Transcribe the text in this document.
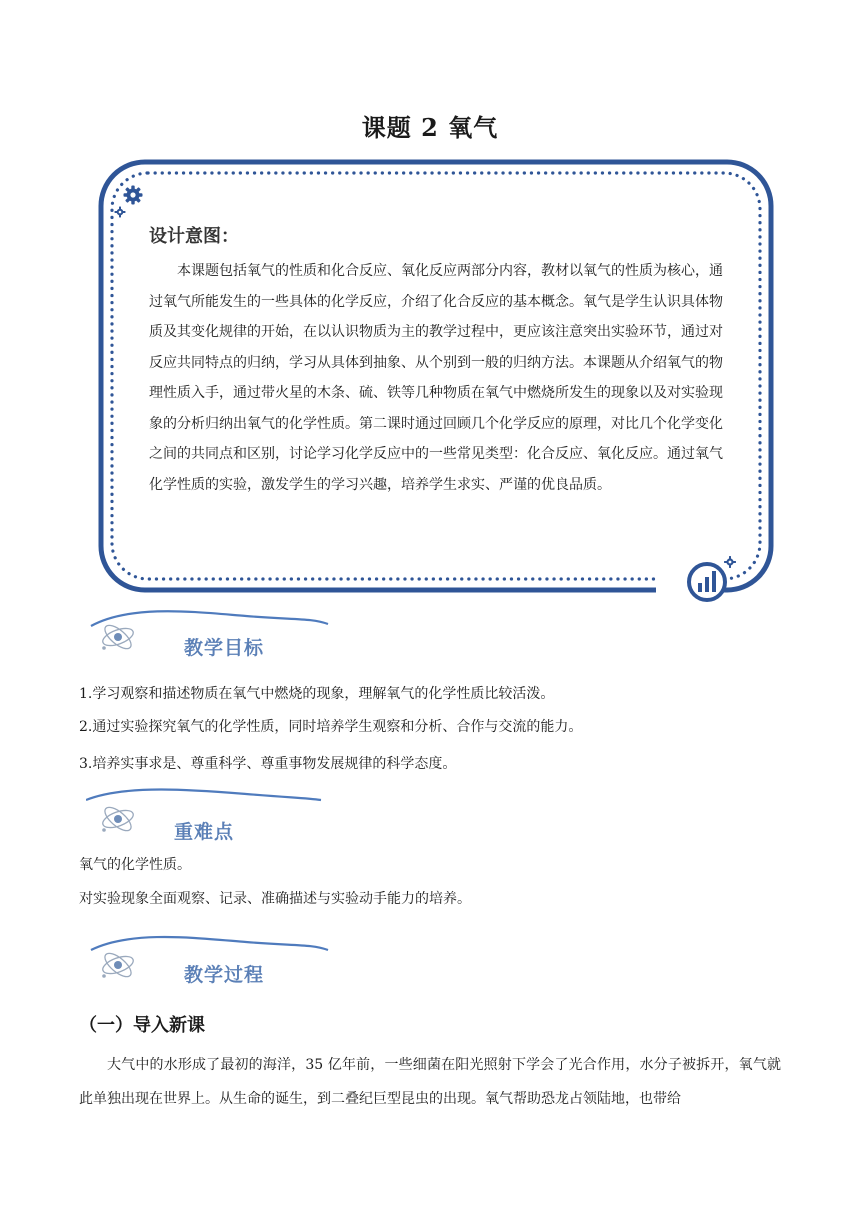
课题 2 氧气
设计意图：
本课题包括氧气的性质和化合反应、氧化反应两部分内容，教材以氧气的性质为核心，通过氧气所能发生的一些具体的化学反应，介绍了化合反应的基本概念。氧气是学生认识具体物质及其变化规律的开始，在以认识物质为主的教学过程中，更应该注意突出实验环节，通过对反应共同特点的归纳，学习从具体到抽象、从个别到一般的归纳方法。本课题从介绍氧气的物理性质入手，通过带火星的木条、硫、铁等几种物质在氧气中燃烧所发生的现象以及对实验现象的分析归纳出氧气的化学性质。第二课时通过回顾几个化学反应的原理，对比几个化学变化之间的共同点和区别，讨论学习化学反应中的一些常见类型：化合反应、氧化反应。通过氧气化学性质的实验，激发学生的学习兴趣，培养学生求实、严谨的优良品质。
教学目标
1.学习观察和描述物质在氧气中燃烧的现象，理解氧气的化学性质比较活泼。
2.通过实验探究氧气的化学性质，同时培养学生观察和分析、合作与交流的能力。
3.培养实事求是、尊重科学、尊重事物发展规律的科学态度。
重难点
氧气的化学性质。
对实验现象全面观察、记录、准确描述与实验动手能力的培养。
教学过程
（一）导入新课
大气中的水形成了最初的海洋，35 亿年前，一些细菌在阳光照射下学会了光合作用，水分子被拆开，氧气就此单独出现在世界上。从生命的诞生，到二叠纪巨型昆虫的出现。氧气帮助恐龙占领陆地，也带给
